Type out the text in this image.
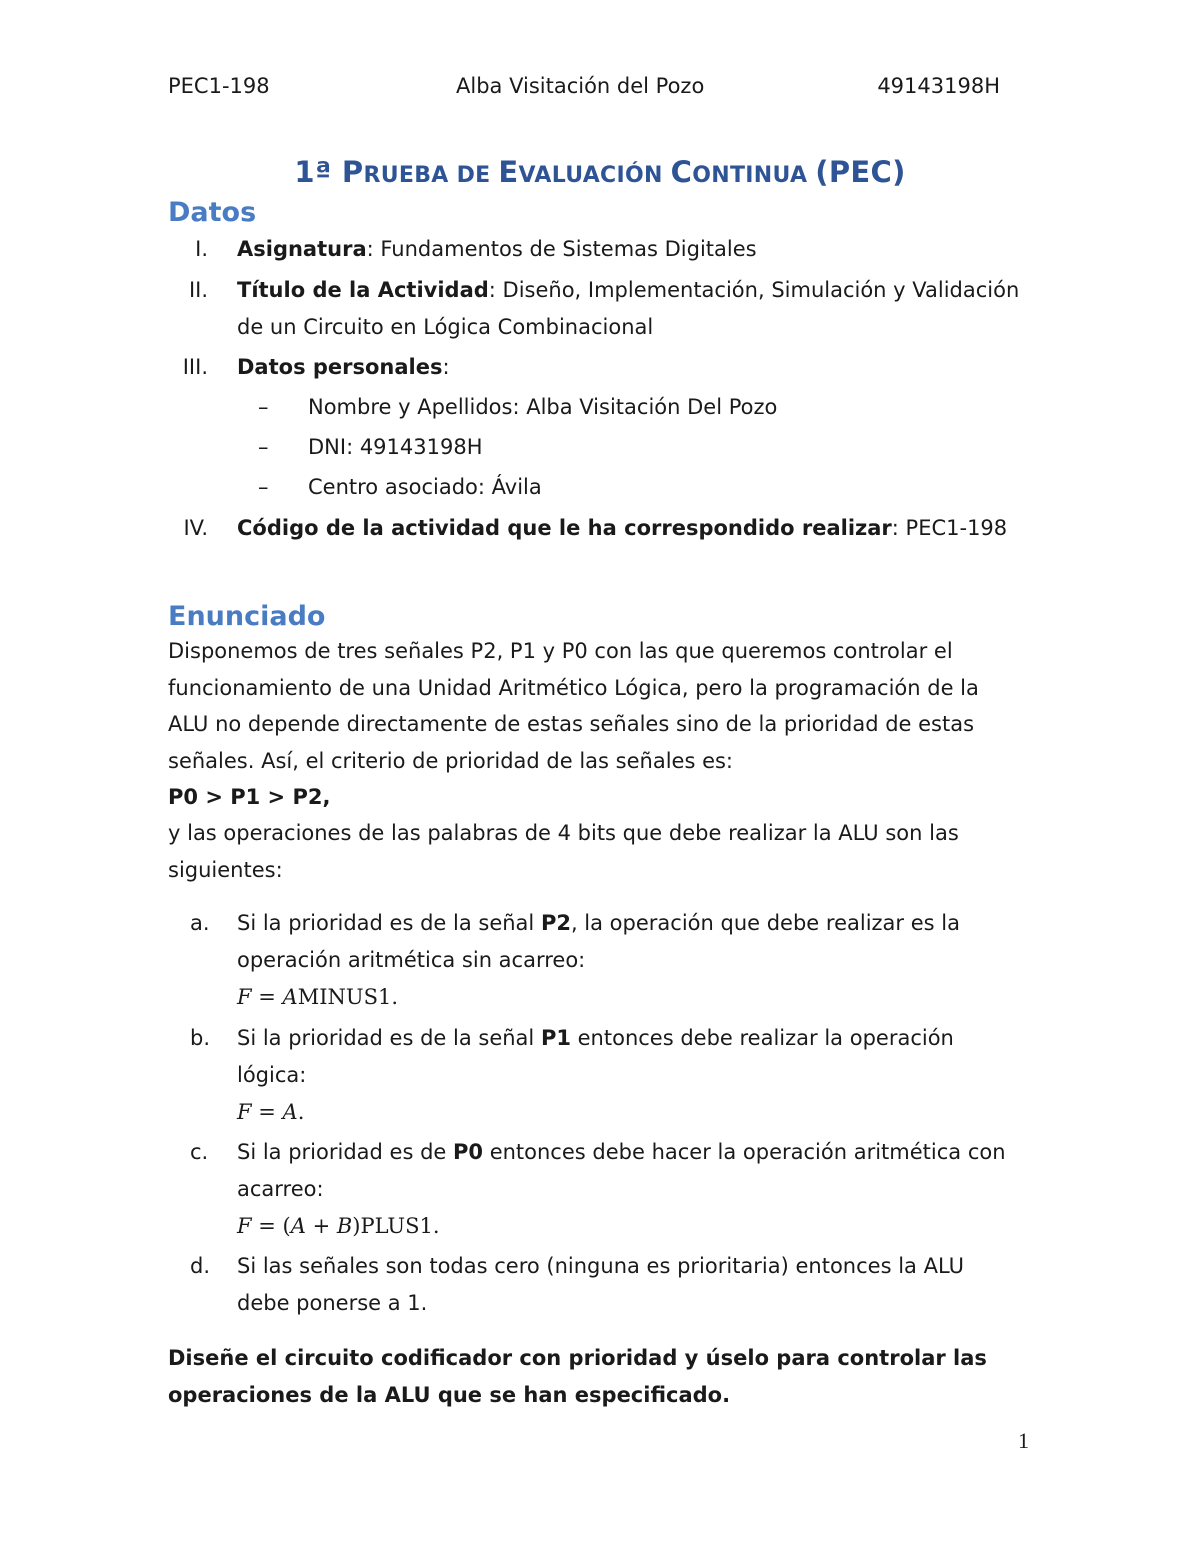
PEC1-198	Alba Visitación del Pozo	49143198H
1ª PRUEBA DE EVALUACIÓN CONTINUA (PEC)
Datos
I. Asignatura: Fundamentos de Sistemas Digitales
II. Título de la Actividad: Diseño, Implementación, Simulación y Validación de un Circuito en Lógica Combinacional
III. Datos personales:
– Nombre y Apellidos: Alba Visitación Del Pozo
– DNI: 49143198H
– Centro asociado: Ávila
IV. Código de la actividad que le ha correspondido realizar: PEC1-198
Enunciado
Disponemos de tres señales P2, P1 y P0 con las que queremos controlar el funcionamiento de una Unidad Aritmético Lógica, pero la programación de la ALU no depende directamente de estas señales sino de la prioridad de estas señales. Así, el criterio de prioridad de las señales es:
P0 > P1 > P2,
y las operaciones de las palabras de 4 bits que debe realizar la ALU son las siguientes:
a. Si la prioridad es de la señal P2, la operación que debe realizar es la operación aritmética sin acarreo:
F = AMINUS1.
b. Si la prioridad es de la señal P1 entonces debe realizar la operación lógica:
F = A.
c. Si la prioridad es de P0 entonces debe hacer la operación aritmética con acarreo:
F = (A + B)PLUS1.
d. Si las señales son todas cero (ninguna es prioritaria) entonces la ALU debe ponerse a 1.
Diseñe el circuito codificador con prioridad y úselo para controlar las operaciones de la ALU que se han especificado.
1
